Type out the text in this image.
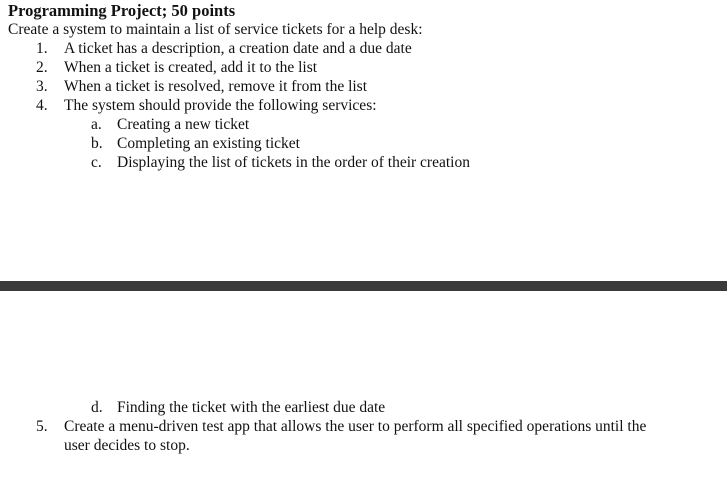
Programming Project; 50 points
Create a system to maintain a list of service tickets for a help desk:
1. A ticket has a description, a creation date and a due date
2. When a ticket is created, add it to the list
3. When a ticket is resolved, remove it from the list
4. The system should provide the following services:
a. Creating a new ticket
b. Completing an existing ticket
c. Displaying the list of tickets in the order of their creation
d. Finding the ticket with the earliest due date
5. Create a menu-driven test app that allows the user to perform all specified operations until the
user decides to stop.
